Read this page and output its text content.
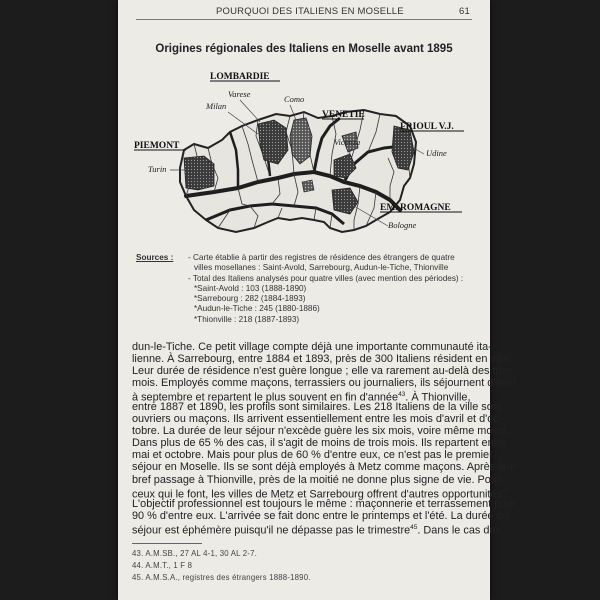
POURQUOI DES ITALIENS EN MOSELLE	61
Origines régionales des Italiens en Moselle avant 1895
LOMBARDIE
VENETIE
FRIOUL V.J.
PIEMONT
EM. ROMAGNE
Varese	Como
Milan
Vicenza
Udine
Turin
Bologne
Sources : - Carte établie à partir des registres de résidence des étrangers de quatre
villes mosellanes : Saint-Avold, Sarrebourg, Audun-le-Tiche, Thionville
- Total des Italiens analysés pour quatre villes (avec mention des périodes) :
*Saint-Avold : 103 (1888-1890)
*Sarrebourg : 282 (1884-1893)
*Audun-le-Tiche : 245 (1880-1886)
*Thionville : 218 (1887-1893)
dun-le-Tiche. Ce petit village compte déjà une importante communauté ita-
lienne. À Sarrebourg, entre 1884 et 1893, près de 300 Italiens résident en ville.
Leur durée de résidence n'est guère longue ; elle va rarement au-delà des trois
mois. Employés comme maçons, terrassiers ou journaliers, ils séjournent d'avril
à septembre et repartent le plus souvent en fin d'année$^{43}$. À Thionville,
entre 1887 et 1890, les profils sont similaires. Les 218 Italiens de la ville sont
ouvriers ou maçons. Ils arrivent essentiellement entre les mois d'avril et d'oc-
tobre. La durée de leur séjour n'excède guère les six mois, voire même moins.
Dans plus de 65 % des cas, il s'agit de moins de trois mois. Ils repartent entre
mai et octobre. Mais pour plus de 60 % d'entre eux, ce n'est pas le premier
séjour en Moselle. Ils se sont déjà employés à Metz comme maçons. Après leur
bref passage à Thionville, près de la moitié ne donne plus signe de vie. Pour
ceux qui le font, les villes de Metz et Sarrebourg offrent d'autres opportunités$^{44}$.
L'objectif professionnel est toujours le même : maçonnerie et terrassement pour
90 % d'entre eux. L'arrivée se fait donc entre le printemps et l'été. La durée du
séjour est éphémère puisqu'il ne dépasse pas le trimestre$^{45}$. Dans le cas des
43. A.M.SB., 27 AL 4-1, 30 AL 2-7.
44. A.M.T., 1 F 8
45. A.M.S.A., registres des étrangers 1888-1890.
